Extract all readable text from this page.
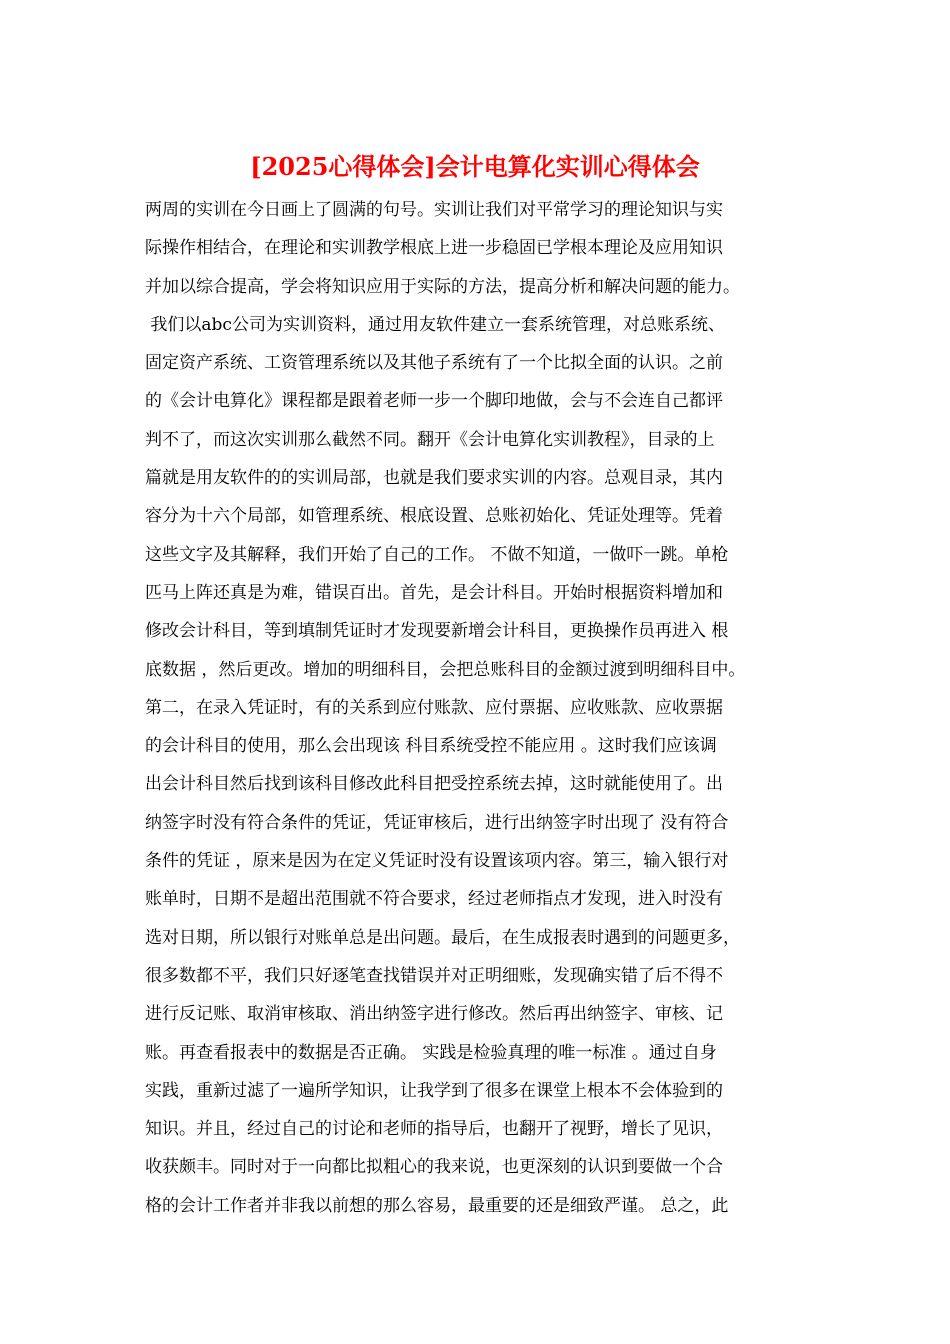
[2025心得体会]会计电算化实训心得体会
两周的实训在今日画上了圆满的句号。实训让我们对平常学习的理论知识与实
际操作相结合，在理论和实训教学根底上进一步稳固已学根本理论及应用知识
并加以综合提高，学会将知识应用于实际的方法，提高分析和解决问题的能力。
我们以abc公司为实训资料，通过用友软件建立一套系统管理，对总账系统、
固定资产系统、工资管理系统以及其他子系统有了一个比拟全面的认识。之前
的《会计电算化》课程都是跟着老师一步一个脚印地做，会与不会连自己都评
判不了，而这次实训那么截然不同。翻开《会计电算化实训教程》，目录的上
篇就是用友软件的的实训局部，也就是我们要求实训的内容。总观目录，其内
容分为十六个局部，如管理系统、根底设置、总账初始化、凭证处理等。凭着
这些文字及其解释，我们开始了自己的工作。 不做不知道，一做吓一跳。单枪
匹马上阵还真是为难，错误百出。首先，是会计科目。开始时根据资料增加和
修改会计科目，等到填制凭证时才发现要新增会计科目，更换操作员再进入 根
底数据 ，然后更改。增加的明细科目，会把总账科目的金额过渡到明细科目中。
第二，在录入凭证时，有的关系到应付账款、应付票据、应收账款、应收票据
的会计科目的使用，那么会出现该 科目系统受控不能应用 。这时我们应该调
出会计科目然后找到该科目修改此科目把受控系统去掉，这时就能使用了。出
纳签字时没有符合条件的凭证，凭证审核后，进行出纳签字时出现了 没有符合
条件的凭证 ，原来是因为在定义凭证时没有设置该项内容。第三，输入银行对
账单时，日期不是超出范围就不符合要求，经过老师指点才发现，进入时没有
选对日期，所以银行对账单总是出问题。最后，在生成报表时遇到的问题更多，
很多数都不平，我们只好逐笔查找错误并对正明细账，发现确实错了后不得不
进行反记账、取消审核取、消出纳签字进行修改。然后再出纳签字、审核、记
账。再查看报表中的数据是否正确。 实践是检验真理的唯一标准 。通过自身
实践，重新过滤了一遍所学知识，让我学到了很多在课堂上根本不会体验到的
知识。并且，经过自己的讨论和老师的指导后，也翻开了视野，增长了见识，
收获颇丰。同时对于一向都比拟粗心的我来说，也更深刻的认识到要做一个合
格的会计工作者并非我以前想的那么容易，最重要的还是细致严谨。 总之，此
